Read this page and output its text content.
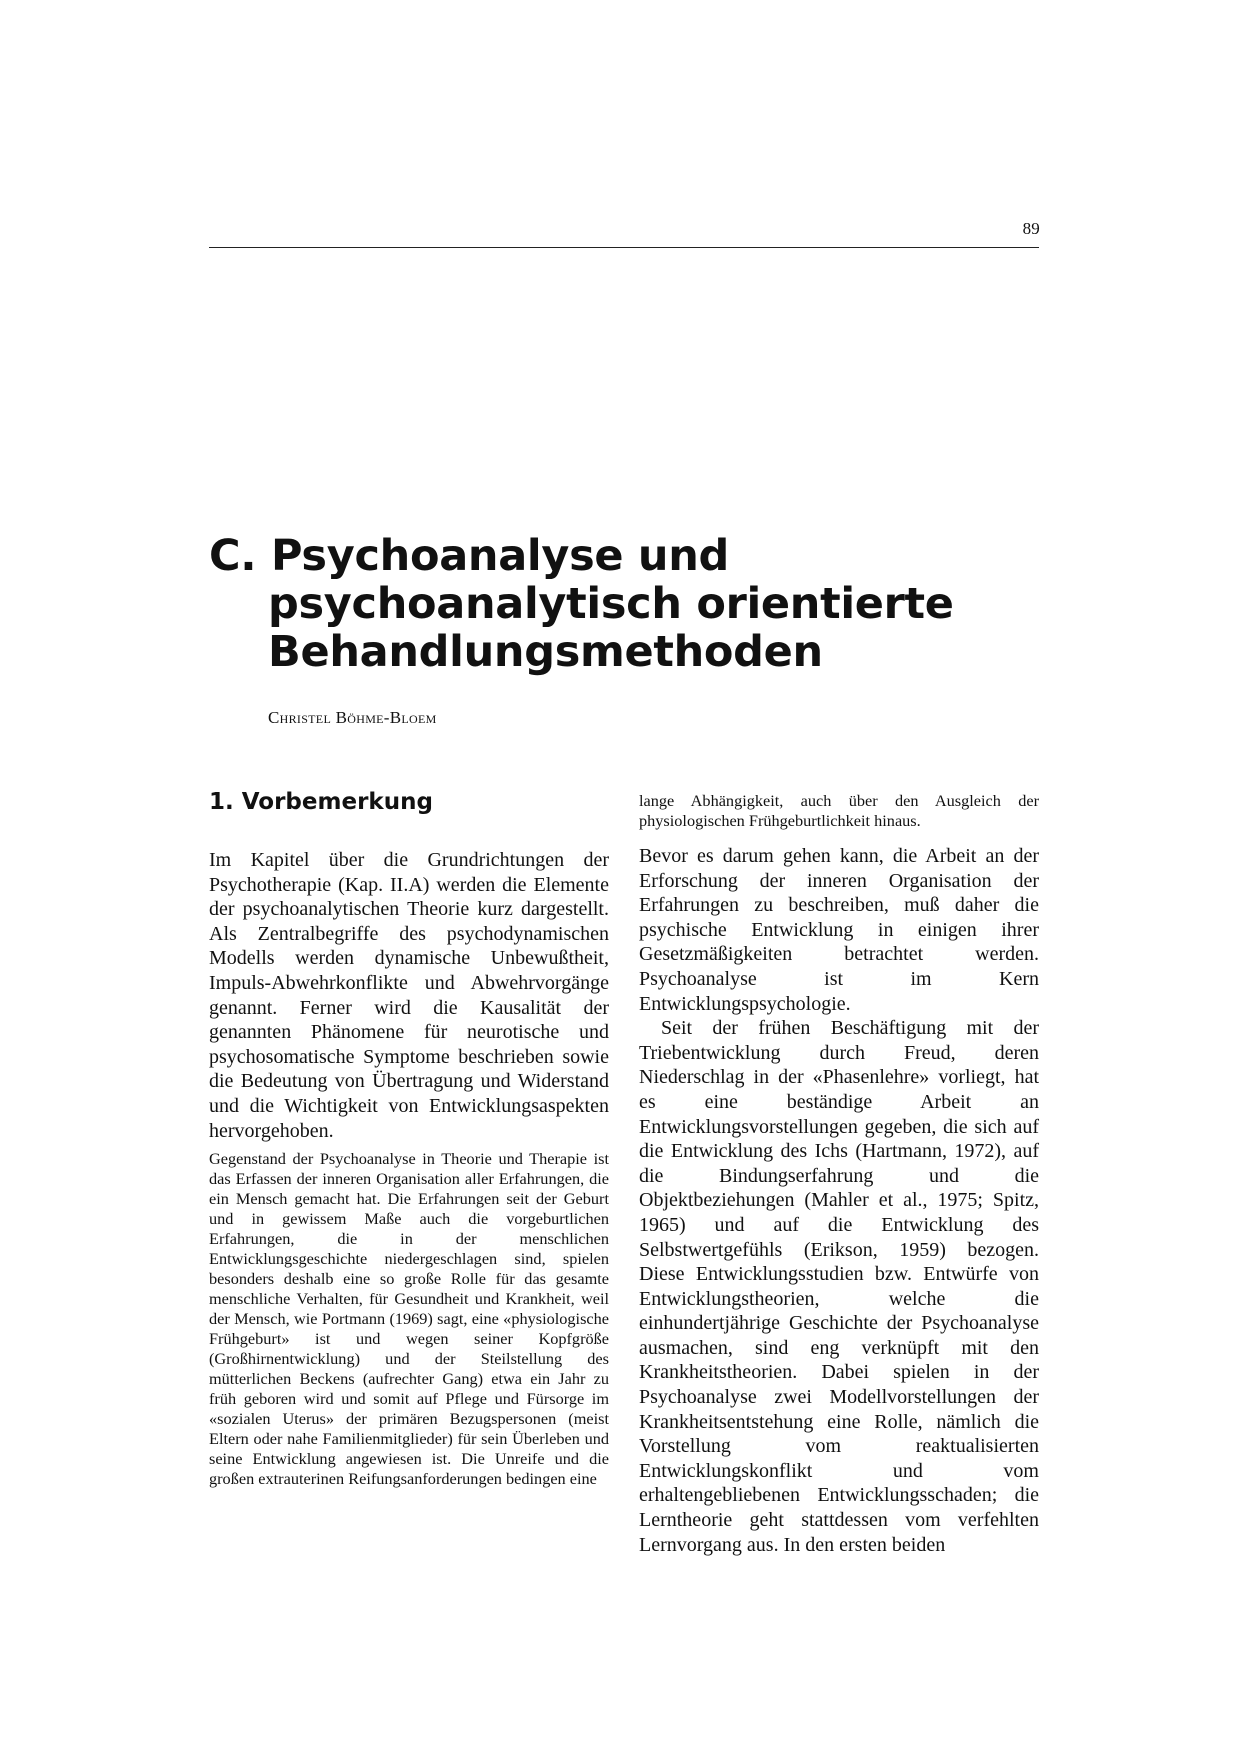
89
C. Psychoanalyse und
psychoanalytisch orientierte
Behandlungsmethoden
Christel Böhme-Bloem
1. Vorbemerkung

Im Kapitel über die Grundrichtungen der Psychotherapie (Kap. II.A) werden die Elemente der psychoanalytischen Theorie kurz dargestellt. Als Zentralbegriffe des psychodynamischen Modells werden dynamische Unbewußtheit, Impuls-Abwehrkonflikte und Abwehrvorgänge genannt. Ferner wird die Kausalität der genannten Phänomene für neurotische und psychosomatische Symptome beschrieben sowie die Bedeutung von Übertragung und Widerstand und die Wichtigkeit von Entwicklungsaspekten hervorgehoben.

Gegenstand der Psychoanalyse in Theorie und Therapie ist das Erfassen der inneren Organisation aller Erfahrungen, die ein Mensch gemacht hat. Die Erfahrungen seit der Geburt und in gewissem Maße auch die vorgeburtlichen Erfahrungen, die in der menschlichen Entwicklungsgeschichte niedergeschlagen sind, spielen besonders deshalb eine so große Rolle für das gesamte menschliche Verhalten, für Gesundheit und Krankheit, weil der Mensch, wie Portmann (1969) sagt, eine «physiologische Frühgeburt» ist und wegen seiner Kopfgröße (Großhirnentwicklung) und der Steilstellung des mütterlichen Beckens (aufrechter Gang) etwa ein Jahr zu früh geboren wird und somit auf Pflege und Fürsorge im «sozialen Uterus» der primären Bezugspersonen (meist Eltern oder nahe Familienmitglieder) für sein Überleben und seine Entwicklung angewiesen ist. Die Unreife und die großen extrauterinen Reifungsanforderungen bedingen eine

lange Abhängigkeit, auch über den Ausgleich der physiologischen Frühgeburtlichkeit hinaus.

Bevor es darum gehen kann, die Arbeit an der Erforschung der inneren Organisation der Erfahrungen zu beschreiben, muß daher die psychische Entwicklung in einigen ihrer Gesetzmäßigkeiten betrachtet werden. Psychoanalyse ist im Kern Entwicklungspsychologie.

Seit der frühen Beschäftigung mit der Triebentwicklung durch Freud, deren Niederschlag in der «Phasenlehre» vorliegt, hat es eine beständige Arbeit an Entwicklungsvorstellungen gegeben, die sich auf die Entwicklung des Ichs (Hartmann, 1972), auf die Bindungserfahrung und die Objektbeziehungen (Mahler et al., 1975; Spitz, 1965) und auf die Entwicklung des Selbstwertgefühls (Erikson, 1959) bezogen. Diese Entwicklungsstudien bzw. Entwürfe von Entwicklungstheorien, welche die einhundertjährige Geschichte der Psychoanalyse ausmachen, sind eng verknüpft mit den Krankheitstheorien. Dabei spielen in der Psychoanalyse zwei Modellvorstellungen der Krankheitsentstehung eine Rolle, nämlich die Vorstellung vom reaktualisierten Entwicklungskonflikt und vom erhaltengebliebenen Entwicklungsschaden; die Lerntheorie geht stattdessen vom verfehlten Lernvorgang aus. In den ersten beiden
